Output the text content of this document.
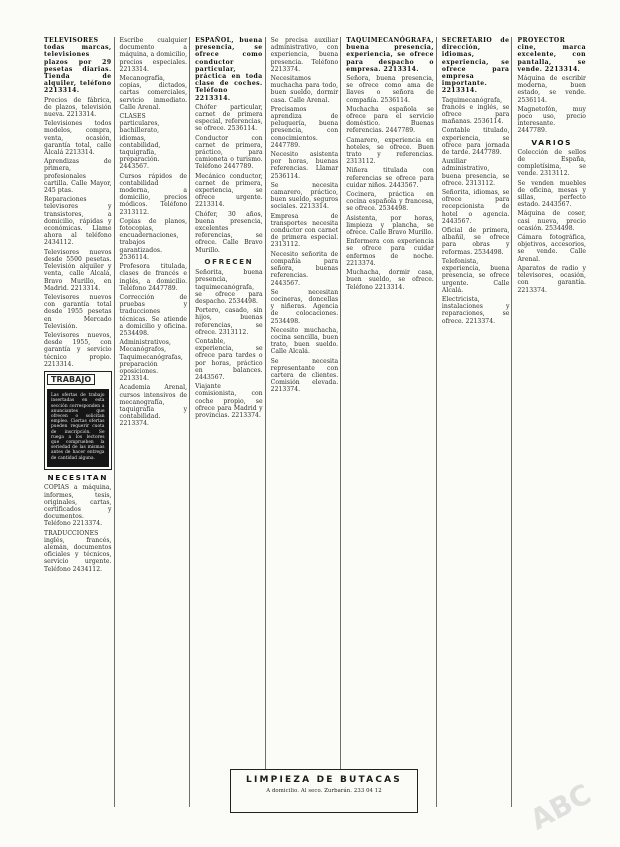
TELEVISORES todas marcas, televisiones plazos por 29 pesetas diarias. Tienda de alquiler, teléfono 2213314.

Precios de fábrica, de plazos, televisión nueva. 2213314.

Televisiones todos modelos, compra, venta, ocasión, garantía total, calle Alcalá 2213314.

Aprendizas de primera, profesionales cartilla. Calle Mayor, 245 ptas.

Reparaciones televisores y transistores, a domicilio, rápidas y económicas. Llame ahora al teléfono 2434112.

Televisores nuevos desde 5500 pesetas. Televisión alquiler y venta, calle Alcalá, Bravo Murillo, en Madrid. 2213314.

Televisores nuevos con garantía total desde 1955 pesetas en Mercado Televisión.

Televisores nuevos, desde 1955, con garantía y servicio técnico propio. 2213314.

TRABAJO
Las ofertas de trabajo insertadas en esta sección corresponden a anunciantes que ofrecen o solicitan empleo. Ciertas ofertas pueden requerir cuota de inscripción. Se ruega a los lectores que comprueben la seriedad de las mismas antes de hacer entrega de cantidad alguna.
NECESITAN

COPIAS a máquina, informes, tesis, originales, cartas, certificados y documentos. Teléfono 2213374.

TRADUCCIONES inglés, francés, alemán, documentos oficiales y técnicos, servicio urgente. Teléfono 2434112.

Escribe cualquier documento a máquina, a domicilio, precios especiales. 2213314.

Mecanografía, copias, dictados, cartas comerciales, servicio inmediato. Calle Arenal.

CLASES particulares, bachillerato, idiomas, contabilidad, taquigrafía, preparación. 2443567.

Cursos rápidos de contabilidad moderna, a domicilio, precios módicos. Teléfono 2313112.

Copias de planos, fotocopias, encuadernaciones, trabajos garantizados. 2536114.

Profesora titulada, clases de francés e inglés, a domicilio. Teléfono 2447789.

Corrección de pruebas y traducciones técnicas. Se atiende a domicilio y oficina. 2534498.

Administrativos, Mecanógrafos, Taquimecanógrafas, preparación oposiciones. 2213314.

Academia Arenal, cursos intensivos de mecanografía, taquigrafía y contabilidad. 2213374.

ESPAÑOL, buena presencia, se ofrece como conductor particular, práctica en toda clase de coches. Teléfono 2213314.

Chófer particular, carnet de primera especial, referencias, se ofrece. 2536114.

Conductor con carnet de primera, práctico, para camioneta o turismo. Teléfono 2447789.

Mecánico conductor, carnet de primera, experiencia, se ofrece urgente. 2213314.

Chófer, 30 años, buena presencia, excelentes referencias, se ofrece. Calle Bravo Murillo.

OFRECEN

Señorita, buena presencia, taquimecanógrafa, se ofrece para despacho. 2534498.

Portero, casado, sin hijos, buenas referencias, se ofrece. 2313112.

Contable, experiencia, se ofrece para tardes o por horas, práctico en balances. 2443567.

Viajante comisionista, con coche propio, se ofrece para Madrid y provincias. 2213374.

Se precisa auxiliar administrativo, con experiencia, buena presencia. Teléfono 2213374.

Necesitamos muchacha para todo, buen sueldo, dormir casa. Calle Arenal.

Precisamos aprendiza de peluquería, buena presencia, con conocimientos. 2447789.

Necesito asistenta por horas, buenas referencias. Llamar 2536114.

Se necesita camarero, práctico, buen sueldo, seguros sociales. 2213314.

Empresa de transportes necesita conductor con carnet de primera especial. 2313112.

Necesito señorita de compañía para señora, buenas referencias. 2443567.

Se necesitan cocineras, doncellas y niñeras. Agencia de colocaciones. 2534498.

Necesito muchacha, cocina sencilla, buen trato, buen sueldo. Calle Alcalá.

Se necesita representante con cartera de clientes. Comisión elevada. 2213374.

TAQUIMECANÓGRAFA, buena presencia, experiencia, se ofrece para despacho o empresa. 2213314.

Señora, buena presencia, se ofrece como ama de llaves o señora de compañía. 2536114.

Muchacha española se ofrece para el servicio doméstico. Buenas referencias. 2447789.

Camarero, experiencia en hoteles, se ofrece. Buen trato y referencias. 2313112.

Niñera titulada con referencias se ofrece para cuidar niños. 2443567.

Cocinera, práctica en cocina española y francesa, se ofrece. 2534498.

Asistenta, por horas, limpieza y plancha, se ofrece. Calle Bravo Murillo.

Enfermera con experiencia se ofrece para cuidar enfermos de noche. 2213374.

Muchacha, dormir casa, buen sueldo, se ofrece. Teléfono 2213314.

SECRETARIO de dirección, idiomas, experiencia, se ofrece para empresa importante. 2213314.

Taquimecanógrafa, francés e inglés, se ofrece para mañanas. 2536114.

Contable titulado, experiencia, se ofrece para jornada de tarde. 2447789.

Auxiliar administrativo, buena presencia, se ofrece. 2313112.

Señorita, idiomas, se ofrece para recepcionista de hotel o agencia. 2443567.

Oficial de primera, albañil, se ofrece para obras y reformas. 2534498.

Telefonista, experiencia, buena presencia, se ofrece urgente. Calle Alcalá.

Electricista, instalaciones y reparaciones, se ofrece. 2213374.

PROYECTOR cine, marca excelente, con pantalla, se vende. 2213314.

Máquina de escribir moderna, buen estado, se vende. 2536114.

Magnetofón, muy poco uso, precio interesante. 2447789.

VARIOS

Colección de sellos de España, completísima, se vende. 2313112.

Se venden muebles de oficina, mesas y sillas, perfecto estado. 2443567.

Máquina de coser, casi nueva, precio ocasión. 2534498.

Cámara fotográfica, objetivos, accesorios, se vende. Calle Arenal.

Aparatos de radio y televisores, ocasión, con garantía. 2213374.

LIMPIEZA DE BUTACAS
A domicilio. Al seco. Zurbarán. 233 04 12	ABC
